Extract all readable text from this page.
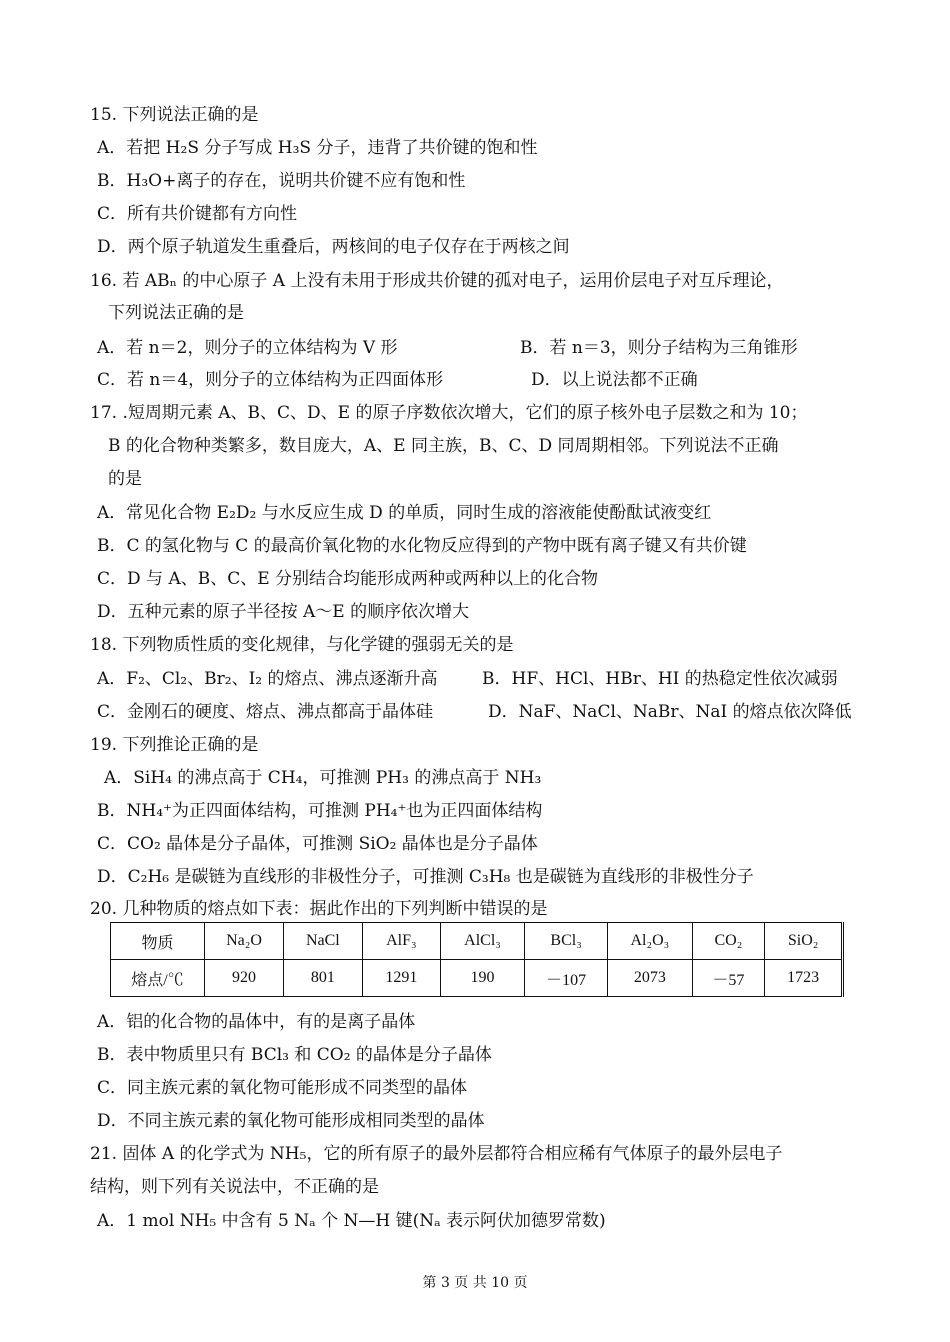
15. 下列说法正确的是
A．若把 H₂S 分子写成 H₃S 分子，违背了共价键的饱和性
B．H₃O+离子的存在，说明共价键不应有饱和性
C．所有共价键都有方向性
D．两个原子轨道发生重叠后，两核间的电子仅存在于两核之间
16. 若 ABₙ 的中心原子 A 上没有未用于形成共价键的孤对电子，运用价层电子对互斥理论，
下列说法正确的是
A．若 n＝2，则分子的立体结构为 V 形	B．若 n＝3，则分子结构为三角锥形
C．若 n＝4，则分子的立体结构为正四面体形	D．以上说法都不正确
17. .短周期元素 A、B、C、D、E 的原子序数依次增大，它们的原子核外电子层数之和为 10；
B 的化合物种类繁多，数目庞大，A、E 同主族，B、C、D 同周期相邻。下列说法不正确
的是
A．常见化合物 E₂D₂ 与水反应生成 D 的单质，同时生成的溶液能使酚酞试液变红
B．C 的氢化物与 C 的最高价氧化物的水化物反应得到的产物中既有离子键又有共价键
C．D 与 A、B、C、E 分别结合均能形成两种或两种以上的化合物
D．五种元素的原子半径按 A～E 的顺序依次增大
18. 下列物质性质的变化规律，与化学键的强弱无关的是
A．F₂、Cl₂、Br₂、I₂ 的熔点、沸点逐渐升高	B．HF、HCl、HBr、HI 的热稳定性依次减弱
C．金刚石的硬度、熔点、沸点都高于晶体硅	D．NaF、NaCl、NaBr、NaI 的熔点依次降低
19. 下列推论正确的是
A．SiH₄ 的沸点高于 CH₄，可推测 PH₃ 的沸点高于 NH₃
B．NH₄⁺为正四面体结构，可推测 PH₄⁺也为正四面体结构
C．CO₂ 晶体是分子晶体，可推测 SiO₂ 晶体也是分子晶体
D．C₂H₆ 是碳链为直线形的非极性分子，可推测 C₃H₈ 也是碳链为直线形的非极性分子
20. 几种物质的熔点如下表：据此作出的下列判断中错误的是
A．铝的化合物的晶体中，有的是离子晶体
B．表中物质里只有 BCl₃ 和 CO₂ 的晶体是分子晶体
C．同主族元素的氧化物可能形成不同类型的晶体
D．不同主族元素的氧化物可能形成相同类型的晶体
21. 固体 A 的化学式为 NH₅，它的所有原子的最外层都符合相应稀有气体原子的最外层电子
结构，则下列有关说法中，不正确的是
A．1 mol NH₅ 中含有 5 Nₐ 个 N—H 键(Nₐ 表示阿伏加德罗常数)
物质	Na₂O	NaCl	AlF₃	AlCl₃	BCl₃	Al₂O₃	CO₂	SiO₂
熔点/℃	920	801	1291	190	－107	2073	－57	1723
第 3 页 共 10 页
